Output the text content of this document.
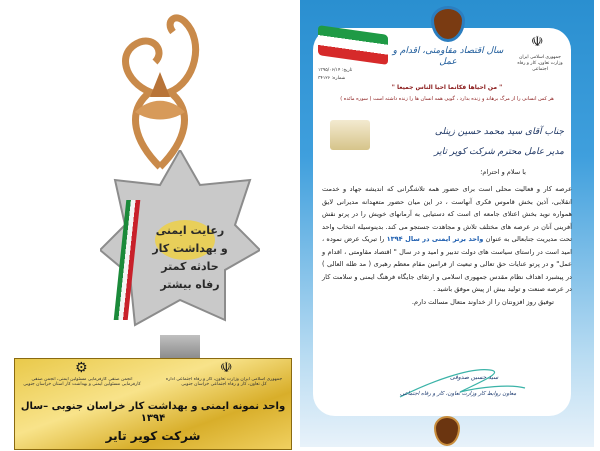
رعایت ایمنی
و بهداشت کار
حادثه کمتر
رفاه بیشتر
⚙	☫
انجمن صنفی کارفرمایی مسئولین ایمنی، انجمن صنفی کارفرمایی مسئولین ایمنی و بهداشت کار استان خراسان جنوبی
جمهوری اسلامی ایران وزارت تعاون، کار و رفاه اجتماعی اداره کل تعاون، کار و رفاه اجتماعی خراسان جنوبی
واحد نمونه ایمنی و بهداشت کار خراسان جنوبی –سال ۱۳۹۴
شرکت کویر تایر
☫
جمهوری اسلامی ایران
وزارت تعاون، کار و رفاه اجتماعی
سال اقتصاد مقاومتی، اقدام و عمل
تاریخ: ۱۳۹۵/۰۶/۱۴
شماره: ۳۴۱۲۶
" من احیاها فکانما احیا الناس جمیعا "
هر کس انسانی را از مرگ برهاند و زنده بدارد ، گویی همه انسان ها را زنده داشته است ( سوره مائده )
جناب آقای سید محمد حسین زینلی
مدیر عامل محترم شرکت کویر تایر
با سلام و احترام؛
عرصه کار و فعالیت محلی است برای حضور همه تلاشگرانی که اندیشه جهاد و خدمت انقلابی، آذین بخش قاموس فکری آنهاست ، در این میان حضور متعهدانه مدیرانی لایق همواره نوید بخش اعتلای جامعه ای است که دستیابی به آرمانهای خویش را در پرتو نقش آفرینی آنان در عرصه های مختلف تلاش و مجاهدت جستجو می کند. بدینوسیله انتخاب واحد تحت مدیریت جنابعالی به عنوان واحد برتر ایمنی در سال ۱۳۹۴ را تبریک عرض نموده ، امید است در راستای سیاست های دولت تدبیر و امید و در سال " اقتصاد مقاومتی ، اقدام و عمل" و در پرتو عنایات حق تعالی و تبعیت از فرامین مقام معظم رهبری ( مد ظله العالی ) در پیشبرد اهداف نظام مقدس جمهوری اسلامی و ارتقای جایگاه فرهنگ ایمنی و سلامت کار در عرصه صنعت و تولید بیش از پیش موفق باشید .
توفیق روز افزونتان را از خداوند متعال مسالت دارم.
سید حسین صدوقی
معاون روابط کار وزارت تعاون، کار و رفاه اجتماعی
